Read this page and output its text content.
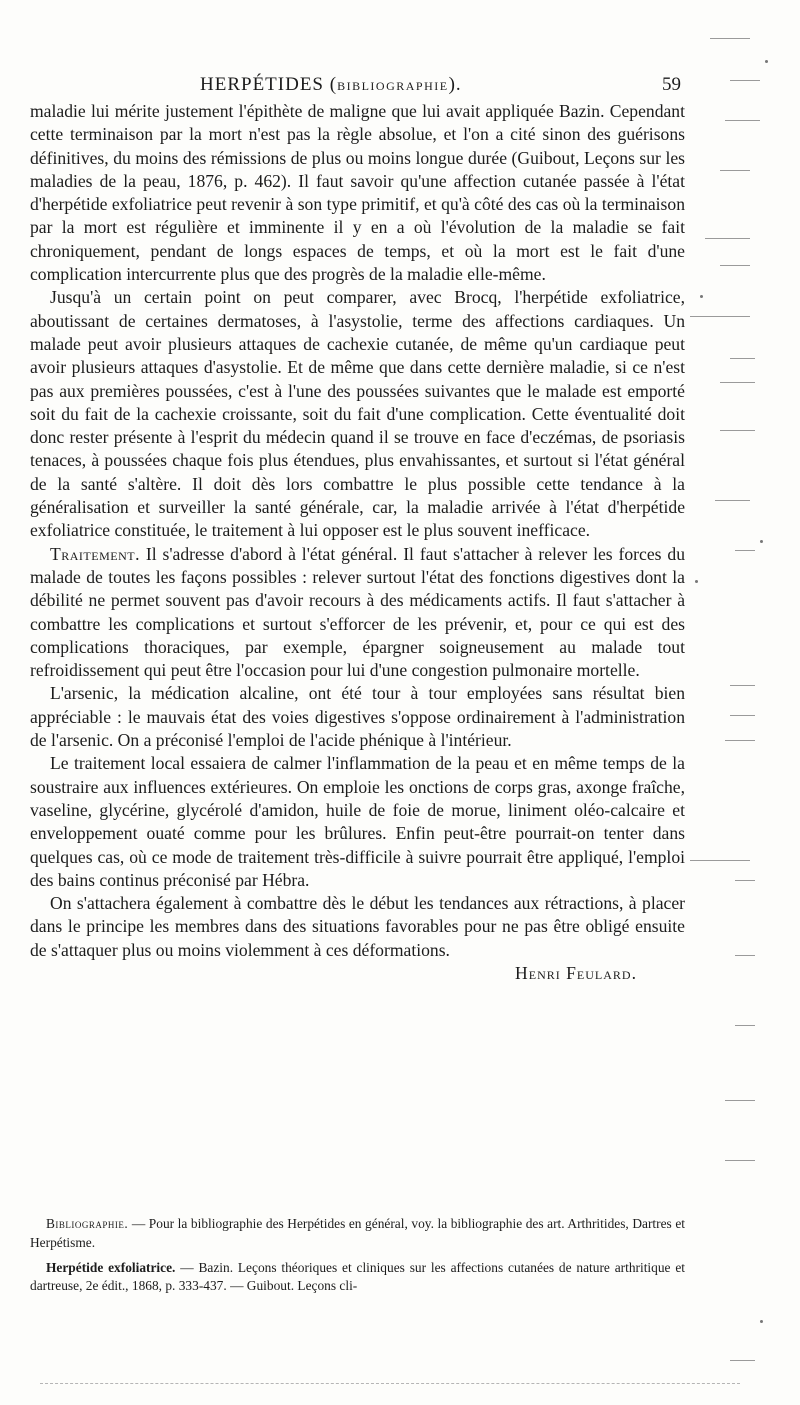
HERPÉTIDES (BIBLIOGRAPHIE).	59

maladie lui mérite justement l'épithète de maligne que lui avait appliquée Bazin. Cependant cette terminaison par la mort n'est pas la règle absolue, et l'on a cité sinon des guérisons définitives, du moins des rémissions de plus ou moins longue durée (Guibout, Leçons sur les maladies de la peau, 1876, p. 462). Il faut savoir qu'une affection cutanée passée à l'état d'herpétide exfoliatrice peut revenir à son type primitif, et qu'à côté des cas où la terminaison par la mort est régulière et imminente il y en a où l'évolution de la maladie se fait chroniquement, pendant de longs espaces de temps, et où la mort est le fait d'une complication intercurrente plus que des progrès de la maladie elle-même.

Jusqu'à un certain point on peut comparer, avec Brocq, l'herpétide exfoliatrice, aboutissant de certaines dermatoses, à l'asystolie, terme des affections cardiaques. Un malade peut avoir plusieurs attaques de cachexie cutanée, de même qu'un cardiaque peut avoir plusieurs attaques d'asystolie. Et de même que dans cette dernière maladie, si ce n'est pas aux premières poussées, c'est à l'une des poussées suivantes que le malade est emporté soit du fait de la cachexie croissante, soit du fait d'une complication. Cette éventualité doit donc rester présente à l'esprit du médecin quand il se trouve en face d'eczémas, de psoriasis tenaces, à poussées chaque fois plus étendues, plus envahissantes, et surtout si l'état général de la santé s'altère. Il doit dès lors combattre le plus possible cette tendance à la généralisation et surveiller la santé générale, car, la maladie arrivée à l'état d'herpétide exfoliatrice constituée, le traitement à lui opposer est le plus souvent inefficace.

Traitement. Il s'adresse d'abord à l'état général. Il faut s'attacher à relever les forces du malade de toutes les façons possibles : relever surtout l'état des fonctions digestives dont la débilité ne permet souvent pas d'avoir recours à des médicaments actifs. Il faut s'attacher à combattre les complications et surtout s'efforcer de les prévenir, et, pour ce qui est des complications thoraciques, par exemple, épargner soigneusement au malade tout refroidissement qui peut être l'occasion pour lui d'une congestion pulmonaire mortelle.

L'arsenic, la médication alcaline, ont été tour à tour employées sans résultat bien appréciable : le mauvais état des voies digestives s'oppose ordinairement à l'administration de l'arsenic. On a préconisé l'emploi de l'acide phénique à l'intérieur.

Le traitement local essaiera de calmer l'inflammation de la peau et en même temps de la soustraire aux influences extérieures. On emploie les onctions de corps gras, axonge fraîche, vaseline, glycérine, glycérolé d'amidon, huile de foie de morue, liniment oléo-calcaire et enveloppement ouaté comme pour les brûlures. Enfin peut-être pourrait-on tenter dans quelques cas, où ce mode de traitement très-difficile à suivre pourrait être appliqué, l'emploi des bains continus préconisé par Hébra.

On s'attachera également à combattre dès le début les tendances aux rétractions, à placer dans le principe les membres dans des situations favorables pour ne pas être obligé ensuite de s'attaquer plus ou moins violemment à ces déformations.

Henri Feulard.

Bibliographie. — Pour la bibliographie des Herpétides en général, voy. la bibliographie des art. Arthritides, Dartres et Herpétisme.

Herpétide exfoliatrice. — Bazin. Leçons théoriques et cliniques sur les affections cutanées de nature arthritique et dartreuse, 2e édit., 1868, p. 333-437. — Guibout. Leçons cli-
